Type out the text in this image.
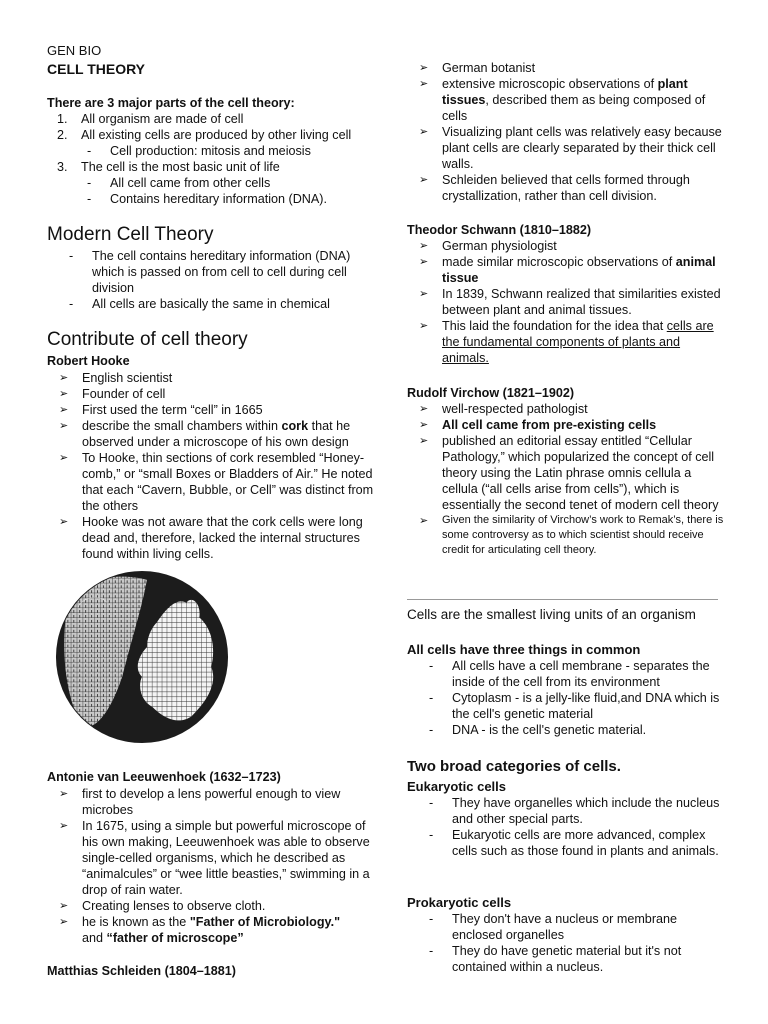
GEN BIO
CELL THEORY
There are 3 major parts of the cell theory:
1. All organism are made of cell
2. All existing cells are produced by other living cell
- Cell production: mitosis and meiosis
3. The cell is the most basic unit of life
- All cell came from other cells
- Contains hereditary information (DNA).
Modern Cell Theory
- The cell contains hereditary information (DNA) which is passed on from cell to cell during cell division
- All cells are basically the same in chemical
Contribute of cell theory
Robert Hooke
➢ English scientist
➢ Founder of cell
➢ First used the term “cell” in 1665
➢ describe the small chambers within cork that he observed under a microscope of his own design
➢ To Hooke, thin sections of cork resembled “Honey-comb,” or “small Boxes or Bladders of Air.” He noted that each “Cavern, Bubble, or Cell” was distinct from the others
➢ Hooke was not aware that the cork cells were long dead and, therefore, lacked the internal structures found within living cells.
Antonie van Leeuwenhoek (1632–1723)
➢ first to develop a lens powerful enough to view microbes
➢ In 1675, using a simple but powerful microscope of his own making, Leeuwenhoek was able to observe single-celled organisms, which he described as “animalcules” or “wee little beasties,” swimming in a drop of rain water.
➢ Creating lenses to observe cloth.
➢ he is known as the "Father of Microbiology."
and “father of microscope”
Matthias Schleiden (1804–1881)
➢ German botanist
➢ extensive microscopic observations of plant tissues, described them as being composed of cells
➢ Visualizing plant cells was relatively easy because plant cells are clearly separated by their thick cell walls.
➢ Schleiden believed that cells formed through crystallization, rather than cell division.
Theodor Schwann (1810–1882)
➢ German physiologist
➢ made similar microscopic observations of animal tissue
➢ In 1839, Schwann realized that similarities existed between plant and animal tissues.
➢ This laid the foundation for the idea that cells are the fundamental components of plants and animals.
Rudolf Virchow (1821–1902)
➢ well-respected pathologist
➢ All cell came from pre-existing cells
➢ published an editorial essay entitled “Cellular Pathology,” which popularized the concept of cell theory using the Latin phrase omnis cellula a cellula (“all cells arise from cells”), which is essentially the second tenet of modern cell theory
➢ Given the similarity of Virchow’s work to Remak’s, there is some controversy as to which scientist should receive credit for articulating cell theory.
Cells are the smallest living units of an organism
All cells have three things in common
- All cells have a cell membrane - separates the inside of the cell from its environment
- Cytoplasm - is a jelly-like fluid,and DNA which is the cell's genetic material
- DNA - is the cell's genetic material.
Two broad categories of cells.
Eukaryotic cells
- They have organelles which include the nucleus and other special parts.
- Eukaryotic cells are more advanced, complex cells such as those found in plants and animals.
Prokaryotic cells
- They don't have a nucleus or membrane enclosed organelles
- They do have genetic material but it's not contained within a nucleus.
